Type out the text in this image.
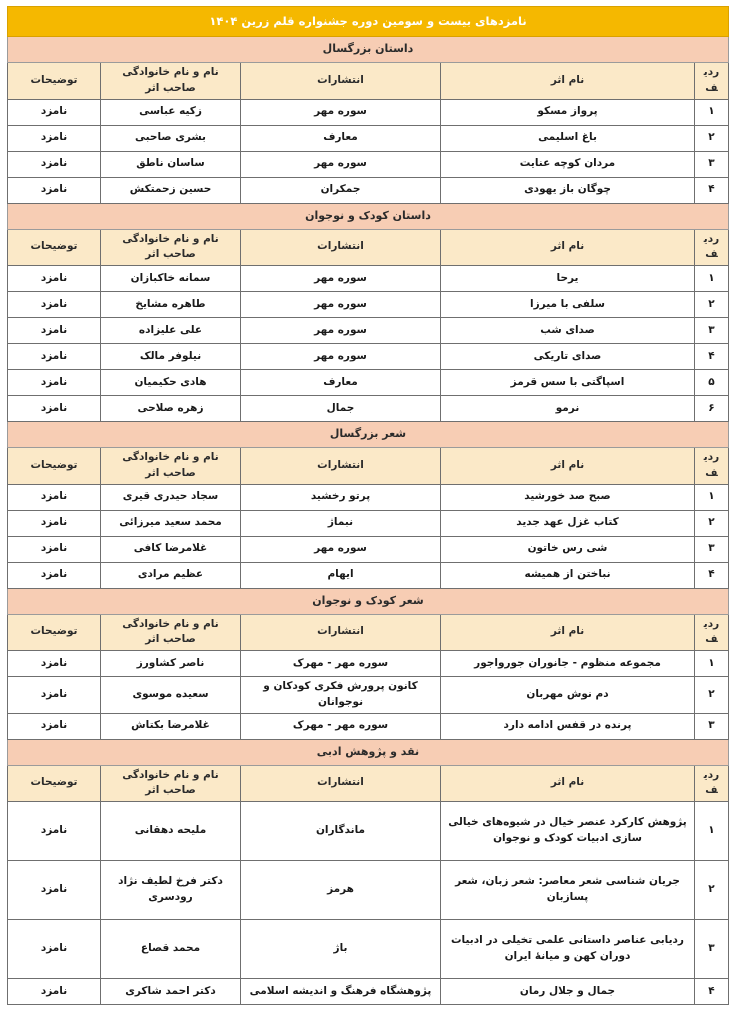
نامزدهای بیست و سومین دوره جشنواره قلم زرین ۱۴۰۴				
داستان بزرگسال				
ردیف	نام اثر	انتشارات	نام و نام خانوادگی صاحب اثر	توضیحات
۱	پرواز مسکو	سوره مهر	زکیه عباسی	نامزد
۲	باغ اسلیمی	معارف	بشری صاحبی	نامزد
۳	مردان کوچه عنایت	سوره مهر	ساسان ناطق	نامزد
۴	چوگان باز یهودی	جمکران	حسین زحمتکش	نامزد
داستان کودک و نوجوان				
ردیف	نام اثر	انتشارات	نام و نام خانوادگی صاحب اثر	توضیحات
۱	یرحا	سوره مهر	سمانه خاکبازان	نامزد
۲	سلفی با میرزا	سوره مهر	طاهره مشایخ	نامزد
۳	صدای شب	سوره مهر	علی علیزاده	نامزد
۴	صدای تاریکی	سوره مهر	نیلوفر مالک	نامزد
۵	اسپاگتی با سس قرمز	معارف	هادی حکیمیان	نامزد
۶	نرمو	جمال	زهره صلاحی	نامزد
شعر بزرگسال				
ردیف	نام اثر	انتشارات	نام و نام خانوادگی صاحب اثر	توضیحات
۱	صبح صد خورشید	پرتو رخشید	سجاد حیدری قیری	نامزد
۲	کتاب غزل عهد جدید	نبماژ	محمد سعید میرزائی	نامزد
۳	شی رس خاتون	سوره مهر	غلامرضا کافی	نامزد
۴	نباختن از همیشه	ایهام	عظیم مرادی	نامزد
شعر کودک و نوجوان				
ردیف	نام اثر	انتشارات	نام و نام خانوادگی صاحب اثر	توضیحات
۱	مجموعه منظوم - جانوران جورواجور	سوره مهر - مهرک	ناصر کشاورز	نامزد
۲	دم نوش مهربان	کانون پرورش فکری کودکان و نوجوانان	سعیده موسوی	نامزد
۳	پرنده در قفس ادامه دارد	سوره مهر - مهرک	غلامرضا بکتاش	نامزد
نقد و پژوهش ادبی				
ردیف	نام اثر	انتشارات	نام و نام خانوادگی صاحب اثر	توضیحات
۱	پژوهش کارکرد عنصر خیال در شیوه‌های خیالی سازی ادبیات کودک و نوجوان	ماندگاران	ملیحه دهقانی	نامزد
۲	جریان شناسی شعر معاصر: شعر زبان، شعر پسازبان	هرمز	دکتر فرخ لطیف نژاد رودسری	نامزد
۳	ردیابی عناصر داستانی علمی تخیلی در ادبیات دوران کهن و میانهٔ ایران	باژ	محمد قصاع	نامزد
۴	جمال و جلال رمان	پژوهشگاه فرهنگ و اندیشه اسلامی	دکتر احمد شاکری	نامزد
